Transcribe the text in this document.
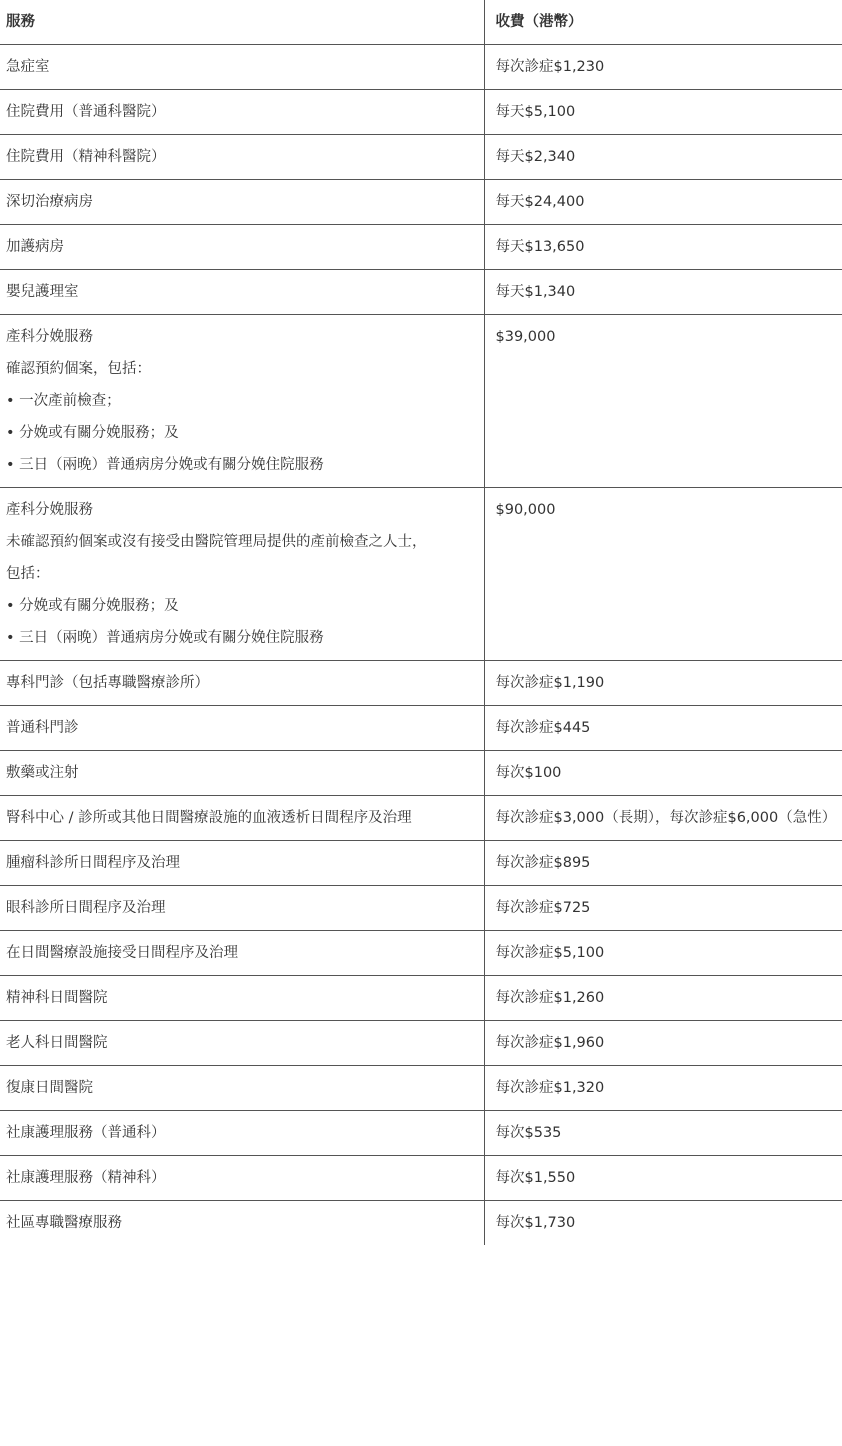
服務	收費（港幣）

急症室	每次診症$1,230

住院費用（普通科醫院）	每天$5,100

住院費用（精神科醫院）	每天$2,340

深切治療病房	每天$24,400

加護病房	每天$13,650

嬰兒護理室	每天$1,340

產科分娩服務
確認預約個案，包括：
• 一次產前檢查；
• 分娩或有關分娩服務；及
• 三日（兩晚）普通病房分娩或有關分娩住院服務	$39,000

產科分娩服務
未確認預約個案或沒有接受由醫院管理局提供的產前檢查之人士，
包括：
• 分娩或有關分娩服務；及
• 三日（兩晚）普通病房分娩或有關分娩住院服務	$90,000

專科門診（包括專職醫療診所）	每次診症$1,190

普通科門診	每次診症$445

敷藥或注射	每次$100

腎科中心 / 診所或其他日間醫療設施的血液透析日間程序及治理	每次診症$3,000（長期），每次診症$6,000（急性）

腫瘤科診所日間程序及治理	每次診症$895

眼科診所日間程序及治理	每次診症$725

在日間醫療設施接受日間程序及治理	每次診症$5,100

精神科日間醫院	每次診症$1,260

老人科日間醫院	每次診症$1,960

復康日間醫院	每次診症$1,320

社康護理服務（普通科）	每次$535

社康護理服務（精神科）	每次$1,550

社區專職醫療服務	每次$1,730
